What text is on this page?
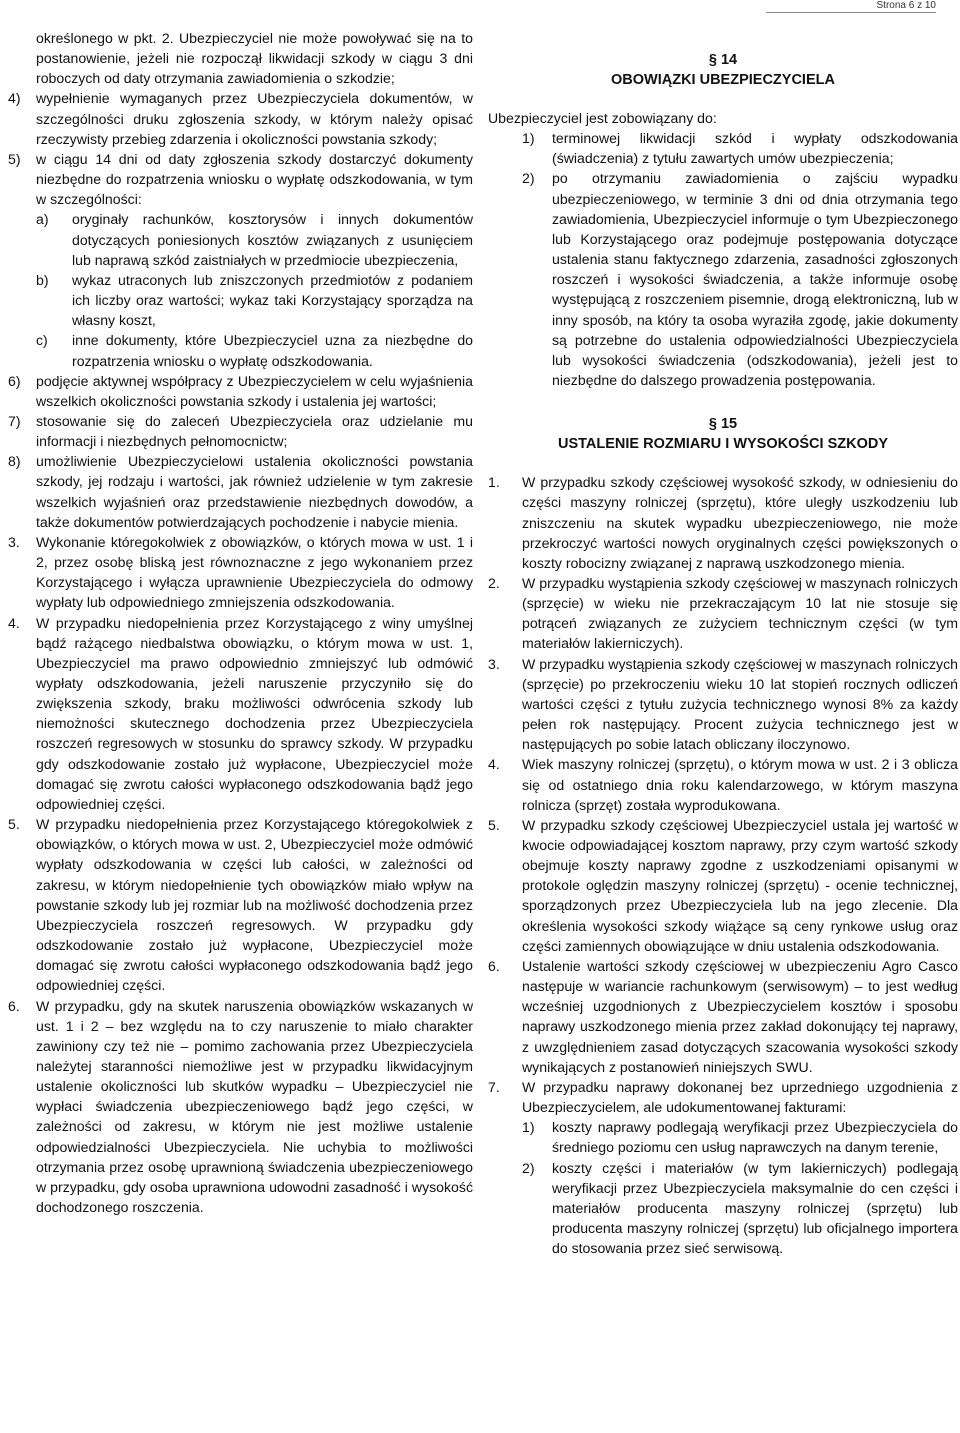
Strona 6 z 10

określonego w pkt. 2. Ubezpieczyciel nie może powoływać się na to postanowienie, jeżeli nie rozpoczął likwidacji szkody w ciągu 3 dni roboczych od daty otrzymania zawiadomienia o szkodzie;

4) wypełnienie wymaganych przez Ubezpieczyciela dokumentów, w szczególności druku zgłoszenia szkody, w którym należy opisać rzeczywisty przebieg zdarzenia i okoliczności powstania szkody;

5) w ciągu 14 dni od daty zgłoszenia szkody dostarczyć dokumenty niezbędne do rozpatrzenia wniosku o wypłatę odszkodowania, w tym w szczególności:

a) oryginały rachunków, kosztorysów i innych dokumentów dotyczących poniesionych kosztów związanych z usunięciem lub naprawą szkód zaistniałych w przedmiocie ubezpieczenia,

b) wykaz utraconych lub zniszczonych przedmiotów z podaniem ich liczby oraz wartości; wykaz taki Korzystający sporządza na własny koszt,

c) inne dokumenty, które Ubezpieczyciel uzna za niezbędne do rozpatrzenia wniosku o wypłatę odszkodowania.

6) podjęcie aktywnej współpracy z Ubezpieczycielem w celu wyjaśnienia wszelkich okoliczności powstania szkody i ustalenia jej wartości;

7) stosowanie się do zaleceń Ubezpieczyciela oraz udzielanie mu informacji i niezbędnych pełnomocnictw;

8) umożliwienie Ubezpieczycielowi ustalenia okoliczności powstania szkody, jej rodzaju i wartości, jak również udzielenie w tym zakresie wszelkich wyjaśnień oraz przedstawienie niezbędnych dowodów, a także dokumentów potwierdzających pochodzenie i nabycie mienia.

3. Wykonanie któregokolwiek z obowiązków, o których mowa w ust. 1 i 2, przez osobę bliską jest równoznaczne z jego wykonaniem przez Korzystającego i wyłącza uprawnienie Ubezpieczyciela do odmowy wypłaty lub odpowiedniego zmniejszenia odszkodowania.

4. W przypadku niedopełnienia przez Korzystającego z winy umyślnej bądź rażącego niedbalstwa obowiązku, o którym mowa w ust. 1, Ubezpieczyciel ma prawo odpowiednio zmniejszyć lub odmówić wypłaty odszkodowania, jeżeli naruszenie przyczyniło się do zwiększenia szkody, braku możliwości odwrócenia szkody lub niemożności skutecznego dochodzenia przez Ubezpieczyciela roszczeń regresowych w stosunku do sprawcy szkody. W przypadku gdy odszkodowanie zostało już wypłacone, Ubezpieczyciel może domagać się zwrotu całości wypłaconego odszkodowania bądź jego odpowiedniej części.

5. W przypadku niedopełnienia przez Korzystającego któregokolwiek z obowiązków, o których mowa w ust. 2, Ubezpieczyciel może odmówić wypłaty odszkodowania w części lub całości, w zależności od zakresu, w którym niedopełnienie tych obowiązków miało wpływ na powstanie szkody lub jej rozmiar lub na możliwość dochodzenia przez Ubezpieczyciela roszczeń regresowych. W przypadku gdy odszkodowanie zostało już wypłacone, Ubezpieczyciel może domagać się zwrotu całości wypłaconego odszkodowania bądź jego odpowiedniej części.

6. W przypadku, gdy na skutek naruszenia obowiązków wskazanych w ust. 1 i 2 – bez względu na to czy naruszenie to miało charakter zawiniony czy też nie – pomimo zachowania przez Ubezpieczyciela należytej staranności niemożliwe jest w przypadku likwidacyjnym ustalenie okoliczności lub skutków wypadku – Ubezpieczyciel nie wypłaci świadczenia ubezpieczeniowego bądź jego części, w zależności od zakresu, w którym nie jest możliwe ustalenie odpowiedzialności Ubezpieczyciela. Nie uchybia to możliwości otrzymania przez osobę uprawnioną świadczenia ubezpieczeniowego w przypadku, gdy osoba uprawniona udowodni zasadność i wysokość dochodzonego roszczenia.

§ 14
OBOWIĄZKI UBEZPIECZYCIELA

Ubezpieczyciel jest zobowiązany do:

1) terminowej likwidacji szkód i wypłaty odszkodowania (świadczenia) z tytułu zawartych umów ubezpieczenia;

2) po otrzymaniu zawiadomienia o zajściu wypadku ubezpieczeniowego, w terminie 3 dni od dnia otrzymania tego zawiadomienia, Ubezpieczyciel informuje o tym Ubezpieczonego lub Korzystającego oraz podejmuje postępowania dotyczące ustalenia stanu faktycznego zdarzenia, zasadności zgłoszonych roszczeń i wysokości świadczenia, a także informuje osobę występującą z roszczeniem pisemnie, drogą elektroniczną, lub w inny sposób, na który ta osoba wyraziła zgodę, jakie dokumenty są potrzebne do ustalenia odpowiedzialności Ubezpieczyciela lub wysokości świadczenia (odszkodowania), jeżeli jest to niezbędne do dalszego prowadzenia postępowania.

§ 15
USTALENIE ROZMIARU I WYSOKOŚCI SZKODY

1. W przypadku szkody częściowej wysokość szkody, w odniesieniu do części maszyny rolniczej (sprzętu), które uległy uszkodzeniu lub zniszczeniu na skutek wypadku ubezpieczeniowego, nie może przekroczyć wartości nowych oryginalnych części powiększonych o koszty robocizny związanej z naprawą uszkodzonego mienia.

2. W przypadku wystąpienia szkody częściowej w maszynach rolniczych (sprzęcie) w wieku nie przekraczającym 10 lat nie stosuje się potrąceń związanych ze zużyciem technicznym części (w tym materiałów lakierniczych).

3. W przypadku wystąpienia szkody częściowej w maszynach rolniczych (sprzęcie) po przekroczeniu wieku 10 lat stopień rocznych odliczeń wartości części z tytułu zużycia technicznego wynosi 8% za każdy pełen rok następujący. Procent zużycia technicznego jest w następujących po sobie latach obliczany iloczynowo.

4. Wiek maszyny rolniczej (sprzętu), o którym mowa w ust. 2 i 3 oblicza się od ostatniego dnia roku kalendarzowego, w którym maszyna rolnicza (sprzęt) została wyprodukowana.

5. W przypadku szkody częściowej Ubezpieczyciel ustala jej wartość w kwocie odpowiadającej kosztom naprawy, przy czym wartość szkody obejmuje koszty naprawy zgodne z uszkodzeniami opisanymi w protokole oględzin maszyny rolniczej (sprzętu) - ocenie technicznej, sporządzonych przez Ubezpieczyciela lub na jego zlecenie. Dla określenia wysokości szkody wiążące są ceny rynkowe usług oraz części zamiennych obowiązujące w dniu ustalenia odszkodowania.

6. Ustalenie wartości szkody częściowej w ubezpieczeniu Agro Casco następuje w wariancie rachunkowym (serwisowym) – to jest według wcześniej uzgodnionych z Ubezpieczycielem kosztów i sposobu naprawy uszkodzonego mienia przez zakład dokonujący tej naprawy, z uwzględnieniem zasad dotyczących szacowania wysokości szkody wynikających z postanowień niniejszych SWU.

7. W przypadku naprawy dokonanej bez uprzedniego uzgodnienia z Ubezpieczycielem, ale udokumentowanej fakturami:

1) koszty naprawy podlegają weryfikacji przez Ubezpieczyciela do średniego poziomu cen usług naprawczych na danym terenie,

2) koszty części i materiałów (w tym lakierniczych) podlegają weryfikacji przez Ubezpieczyciela maksymalnie do cen części i materiałów producenta maszyny rolniczej (sprzętu) lub producenta maszyny rolniczej (sprzętu) lub oficjalnego importera do stosowania przez sieć serwisową.
